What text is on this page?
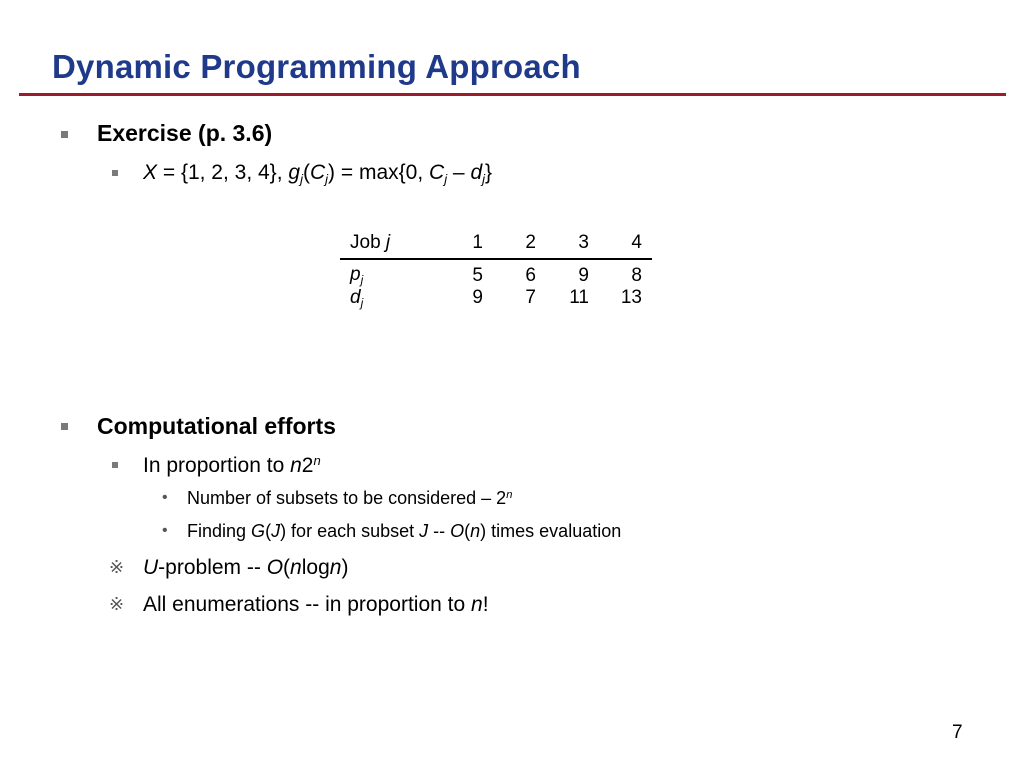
Dynamic Programming Approach
Exercise (p. 3.6)
X = {1, 2, 3, 4}, $g_j(C_j) = \max\{0$, $C_j - d_j$}
Job j	1	2	3	4
$p_j$	5	6	9	8
$d_j$	9	7	11	13
Computational efforts
In proportion to n2$^n$
• Number of subsets to be considered – 2$^n$
• Finding G(J) for each subset J -- O(n) times evaluation
※ U-problem -- O(nlogn)
※ All enumerations -- in proportion to n!
7
